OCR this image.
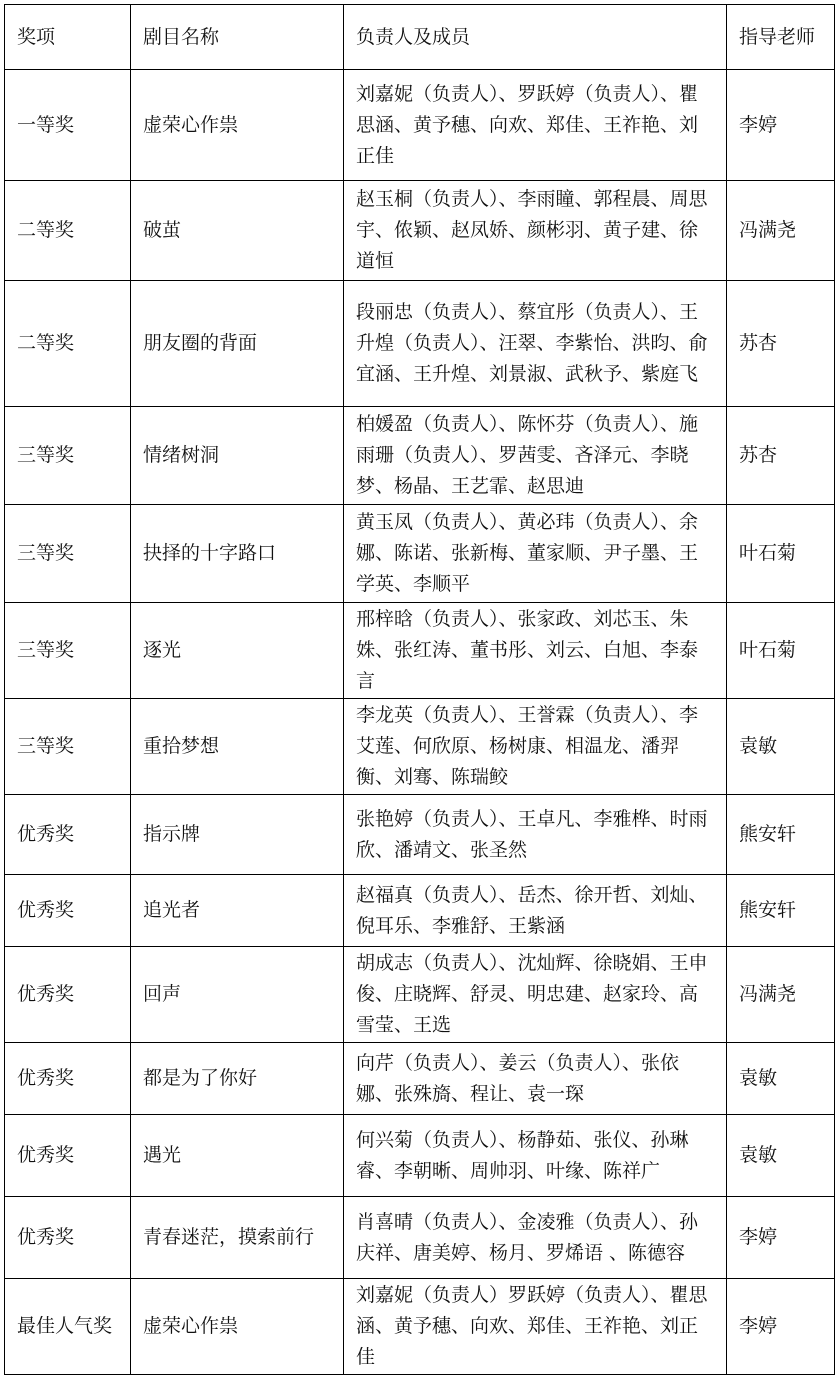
奖项	剧目名称	负责人及成员	指导老师
一等奖	虚荣心作祟	刘嘉妮（负责人）、罗跃婷（负责人）、瞿思涵、黄予穗、向欢、郑佳、王祚艳、刘正佳	李婷
二等奖	破茧	赵玉桐（负责人）、李雨瞳、郭程晨、周思宇、侬颖、赵凤娇、颜彬羽、黄子建、徐道恒	冯满尧
二等奖	朋友圈的背面	段丽忠（负责人）、蔡宜彤（负责人）、王升煌（负责人）、汪翠、李紫怡、洪昀、俞宜涵、王升煌、刘景淑、武秋予、紫庭飞	苏杏
三等奖	情绪树洞	柏媛盈（负责人）、陈怀芬（负责人）、施雨珊（负责人）、罗茜雯、吝泽元、李晓梦、杨晶、王艺霏、赵思迪	苏杏
三等奖	抉择的十字路口	黄玉凤（负责人）、黄必玮（负责人）、余娜、陈诺、张新梅、董家顺、尹子墨、王学英、李顺平	叶石菊
三等奖	逐光	邢梓晗（负责人）、张家政、刘芯玉、朱姝、张红涛、董书彤、刘云、白旭、李泰言	叶石菊
三等奖	重拾梦想	李龙英（负责人）、王誉霖（负责人）、李艾莲、何欣原、杨树康、相温龙、潘羿衡、刘骞、陈瑞鲛	袁敏
优秀奖	指示牌	张艳婷（负责人）、王卓凡、李雅桦、时雨欣、潘靖文、张圣然	熊安轩
优秀奖	追光者	赵福真（负责人）、岳杰、徐开哲、刘灿、倪耳乐、李雅舒、王紫涵	熊安轩
优秀奖	回声	胡成志（负责人）、沈灿辉、徐晓娟、王申俊、庄晓辉、舒灵、明忠建、赵家玲、高雪莹、王选	冯满尧
优秀奖	都是为了你好	向芹（负责人）、姜云（负责人）、张依娜、张殊旖、程让、袁一琛	袁敏
优秀奖	遇光	何兴菊（负责人）、杨静茹、张仪、孙琳睿、李朝晰、周帅羽、叶缘、陈祥广	袁敏
优秀奖	青春迷茫，摸索前行	肖喜晴（负责人）、金凌雅（负责人）、孙庆祥、唐美婷、杨月、罗烯语 、陈德容	李婷
最佳人气奖	虚荣心作祟	刘嘉妮（负责人）罗跃婷（负责人）、瞿思涵、黄予穗、向欢、郑佳、王祚艳、刘正佳	李婷
